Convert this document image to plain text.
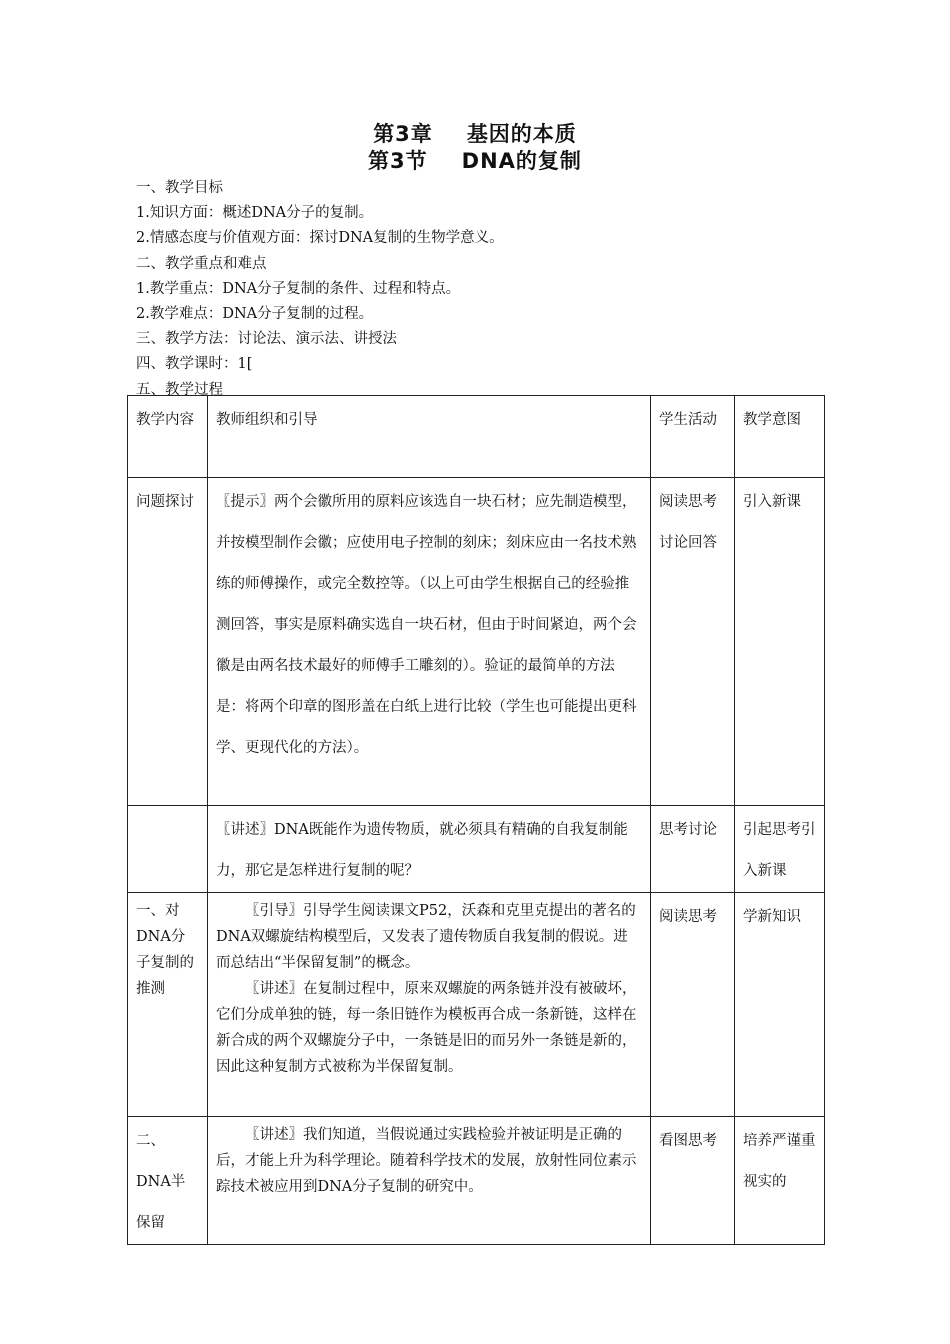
第3章 基因的本质
第3节 DNA的复制
一、教学目标
1.知识方面：概述DNA分子的复制。
2.情感态度与价值观方面：探讨DNA复制的生物学意义。
二、教学重点和难点
1.教学重点：DNA分子复制的条件、过程和特点。
2.教学难点：DNA分子复制的过程。
三、教学方法：讨论法、演示法、讲授法
四、教学课时：1[
五、教学过程
教学内容	教师组织和引导	学生活动	教学意图
问题探讨	〖提示〗两个会徽所用的原料应该选自一块石材；应先制造模型，并按模型制作会徽；应使用电子控制的刻床；刻床应由一名技术熟练的师傅操作，或完全数控等。（以上可由学生根据自己的经验推测回答，事实是原料确实选自一块石材，但由于时间紧迫，两个会徽是由两名技术最好的师傅手工雕刻的）。验证的最简单的方法是：将两个印章的图形盖在白纸上进行比较（学生也可能提出更科学、更现代化的方法）。	阅读思考讨论回答	引入新课
	〖讲述〗DNA既能作为遗传物质，就必须具有精确的自我复制能力，那它是怎样进行复制的呢？	思考讨论	引起思考引入新课
一、对DNA分子复制的推测	〖引导〗引导学生阅读课文P52，沃森和克里克提出的著名的DNA双螺旋结构模型后，又发表了遗传物质自我复制的假说。进而总结出“半保留复制”的概念。
〖讲述〗在复制过程中，原来双螺旋的两条链并没有被破坏，它们分成单独的链，每一条旧链作为模板再合成一条新链，这样在新合成的两个双螺旋分子中，一条链是旧的而另外一条链是新的，因此这种复制方式被称为半保留复制。	阅读思考	学新知识
二、DNA半保留	〖讲述〗我们知道，当假说通过实践检验并被证明是正确的后，才能上升为科学理论。随着科学技术的发展，放射性同位素示踪技术被应用到DNA分子复制的研究中。	看图思考	培养严谨重视实的
